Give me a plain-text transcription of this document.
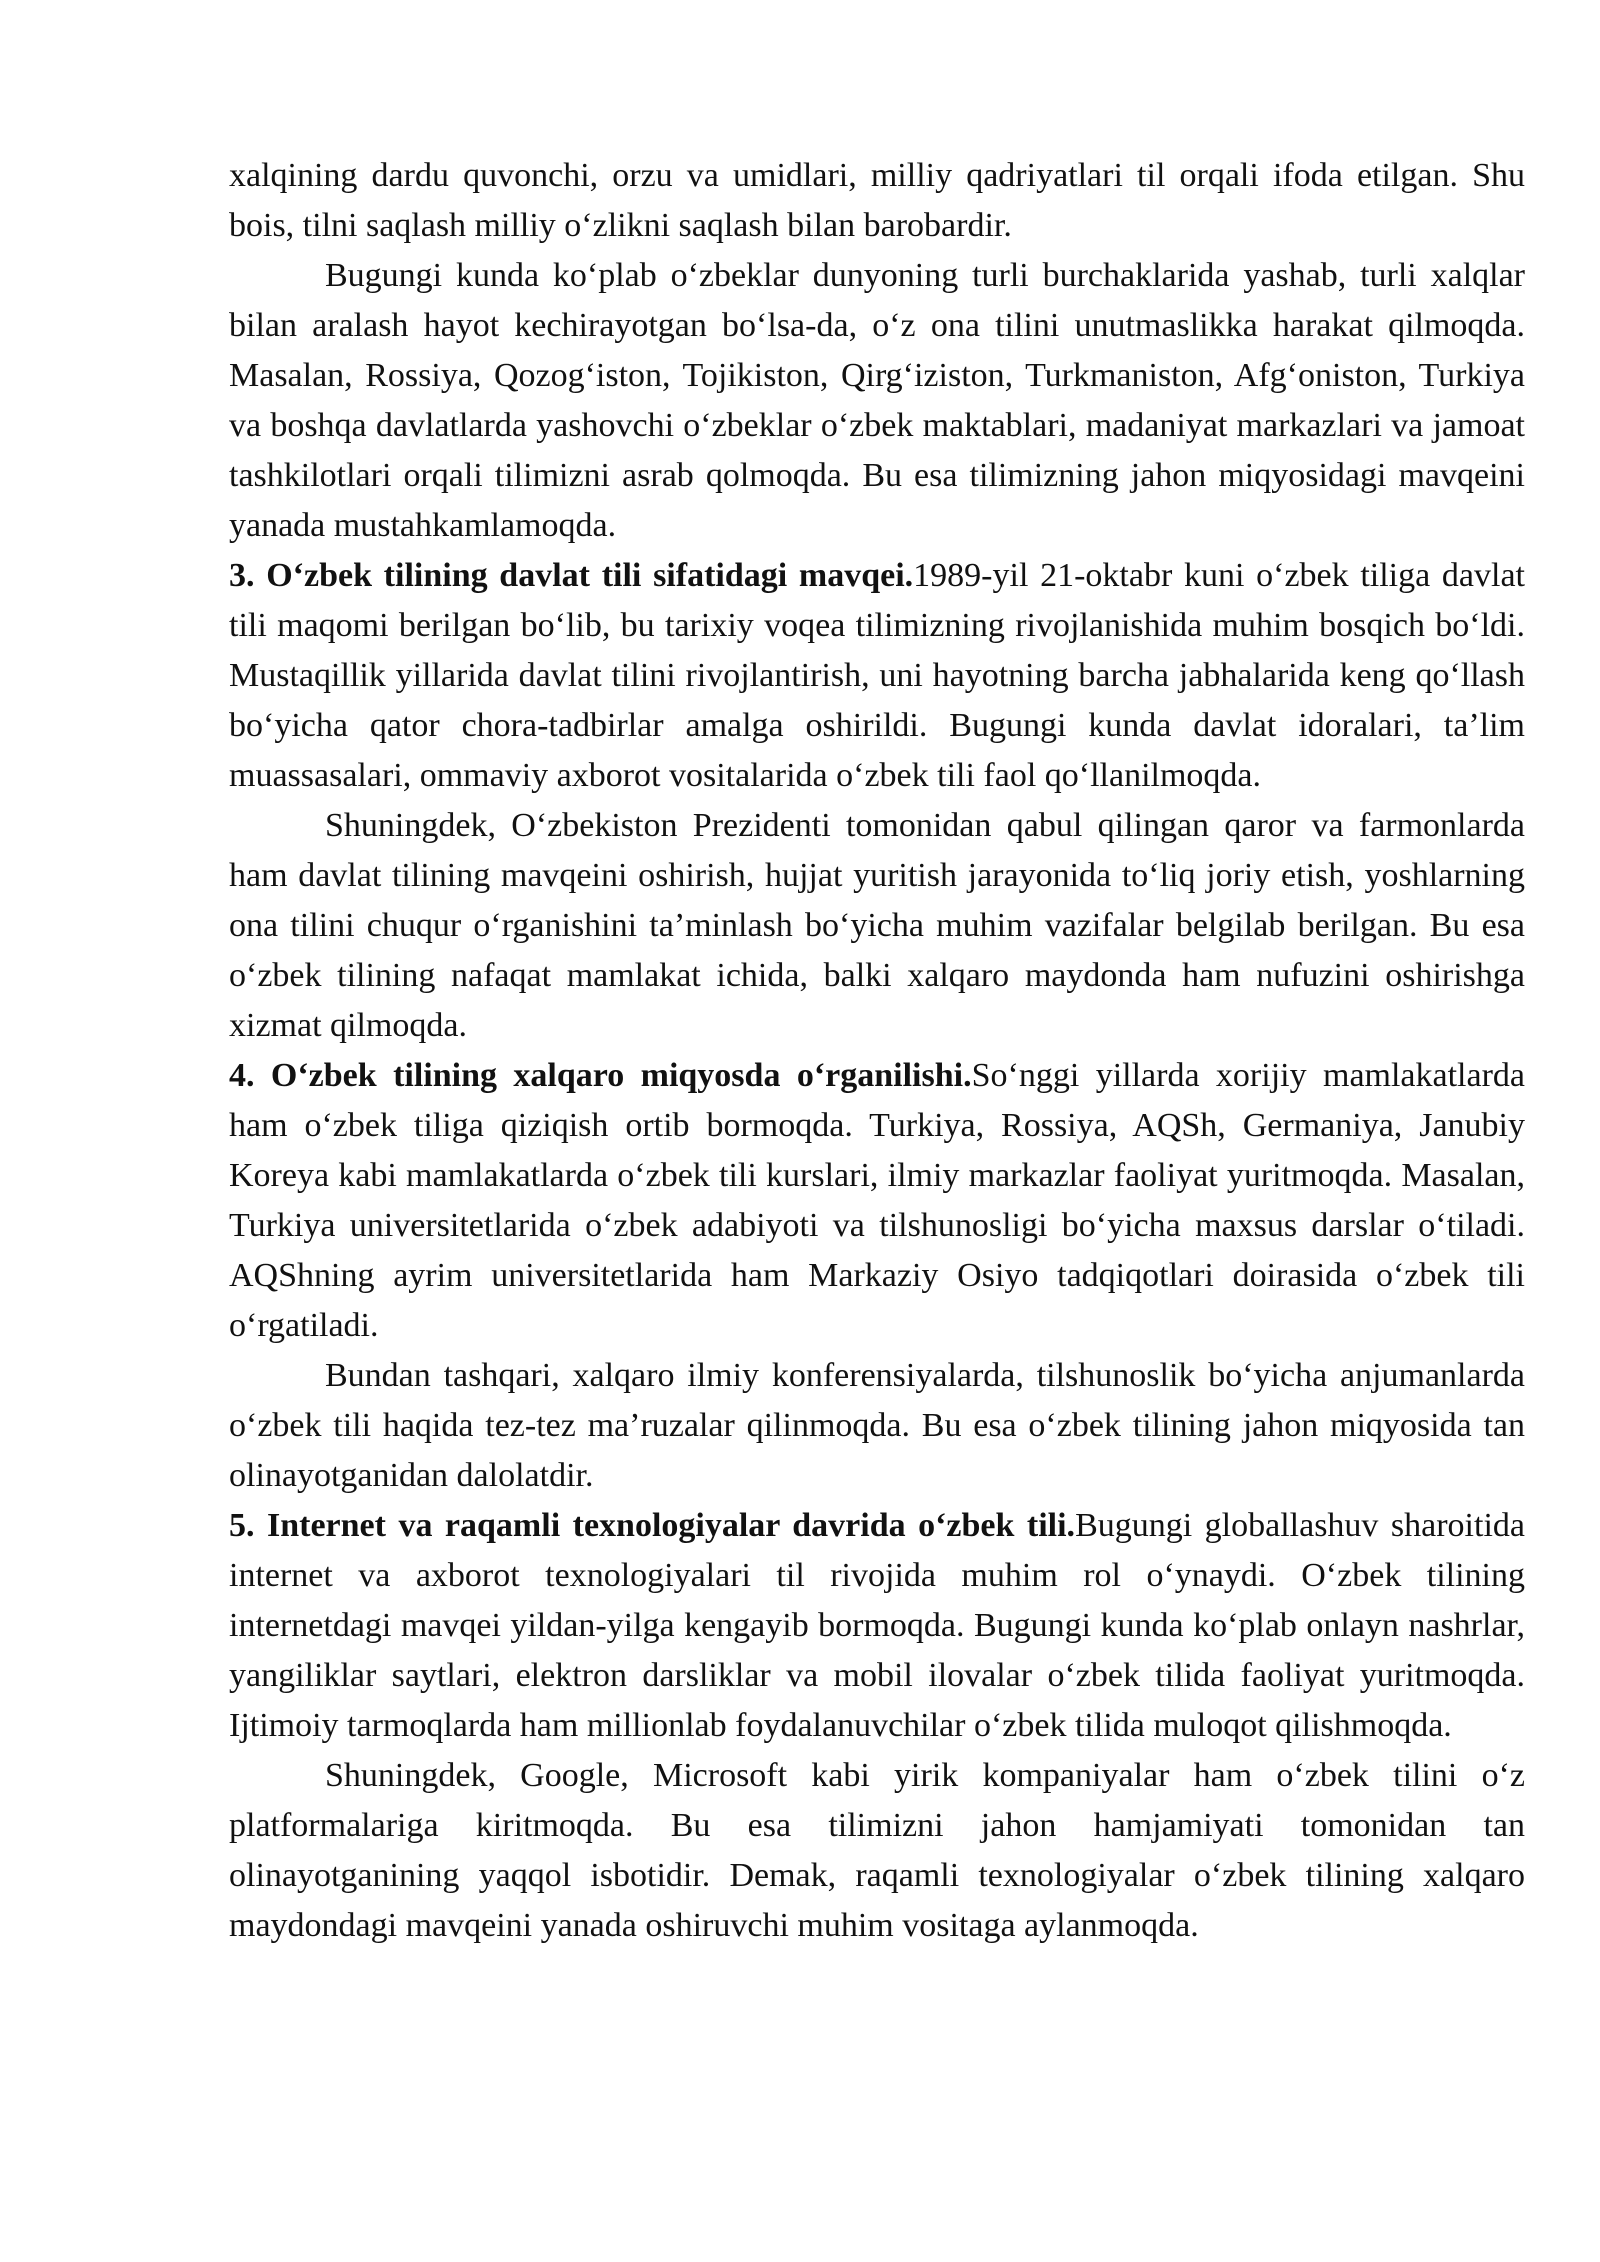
xalqining dardu quvonchi, orzu va umidlari, milliy qadriyatlari til orqali ifoda etilgan. Shu bois, tilni saqlash milliy o‘zlikni saqlash bilan barobardir.

Bugungi kunda ko‘plab o‘zbeklar dunyoning turli burchaklarida yashab, turli xalqlar bilan aralash hayot kechirayotgan bo‘lsa-da, o‘z ona tilini unutmaslikka harakat qilmoqda. Masalan, Rossiya, Qozog‘iston, Tojikiston, Qirg‘iziston, Turkmaniston, Afg‘oniston, Turkiya va boshqa davlatlarda yashovchi o‘zbeklar o‘zbek maktablari, madaniyat markazlari va jamoat tashkilotlari orqali tilimizni asrab qolmoqda. Bu esa tilimizning jahon miqyosidagi mavqeini yanada mustahkamlamoqda.

3. O‘zbek tilining davlat tili sifatidagi mavqei.1989-yil 21-oktabr kuni o‘zbek tiliga davlat tili maqomi berilgan bo‘lib, bu tarixiy voqea tilimizning rivojlanishida muhim bosqich bo‘ldi. Mustaqillik yillarida davlat tilini rivojlantirish, uni hayotning barcha jabhalarida keng qo‘llash bo‘yicha qator chora-tadbirlar amalga oshirildi. Bugungi kunda davlat idoralari, ta’lim muassasalari, ommaviy axborot vositalarida o‘zbek tili faol qo‘llanilmoqda.

Shuningdek, O‘zbekiston Prezidenti tomonidan qabul qilingan qaror va farmonlarda ham davlat tilining mavqeini oshirish, hujjat yuritish jarayonida to‘liq joriy etish, yoshlarning ona tilini chuqur o‘rganishini ta’minlash bo‘yicha muhim vazifalar belgilab berilgan. Bu esa o‘zbek tilining nafaqat mamlakat ichida, balki xalqaro maydonda ham nufuzini oshirishga xizmat qilmoqda.

4. O‘zbek tilining xalqaro miqyosda o‘rganilishi.So‘nggi yillarda xorijiy mamlakatlarda ham o‘zbek tiliga qiziqish ortib bormoqda. Turkiya, Rossiya, AQSh, Germaniya, Janubiy Koreya kabi mamlakatlarda o‘zbek tili kurslari, ilmiy markazlar faoliyat yuritmoqda. Masalan, Turkiya universitetlarida o‘zbek adabiyoti va tilshunosligi bo‘yicha maxsus darslar o‘tiladi. AQShning ayrim universitetlarida ham Markaziy Osiyo tadqiqotlari doirasida o‘zbek tili o‘rgatiladi.

Bundan tashqari, xalqaro ilmiy konferensiyalarda, tilshunoslik bo‘yicha anjumanlarda o‘zbek tili haqida tez-tez ma’ruzalar qilinmoqda. Bu esa o‘zbek tilining jahon miqyosida tan olinayotganidan dalolatdir.

5. Internet va raqamli texnologiyalar davrida o‘zbek tili.Bugungi globallashuv sharoitida internet va axborot texnologiyalari til rivojida muhim rol o‘ynaydi. O‘zbek tilining internetdagi mavqei yildan-yilga kengayib bormoqda. Bugungi kunda ko‘plab onlayn nashrlar, yangiliklar saytlari, elektron darsliklar va mobil ilovalar o‘zbek tilida faoliyat yuritmoqda. Ijtimoiy tarmoqlarda ham millionlab foydalanuvchilar o‘zbek tilida muloqot qilishmoqda.

Shuningdek, Google, Microsoft kabi yirik kompaniyalar ham o‘zbek tilini o‘z platformalariga kiritmoqda. Bu esa tilimizni jahon hamjamiyati tomonidan tan olinayotganining yaqqol isbotidir. Demak, raqamli texnologiyalar o‘zbek tilining xalqaro maydondagi mavqeini yanada oshiruvchi muhim vositaga aylanmoqda.
